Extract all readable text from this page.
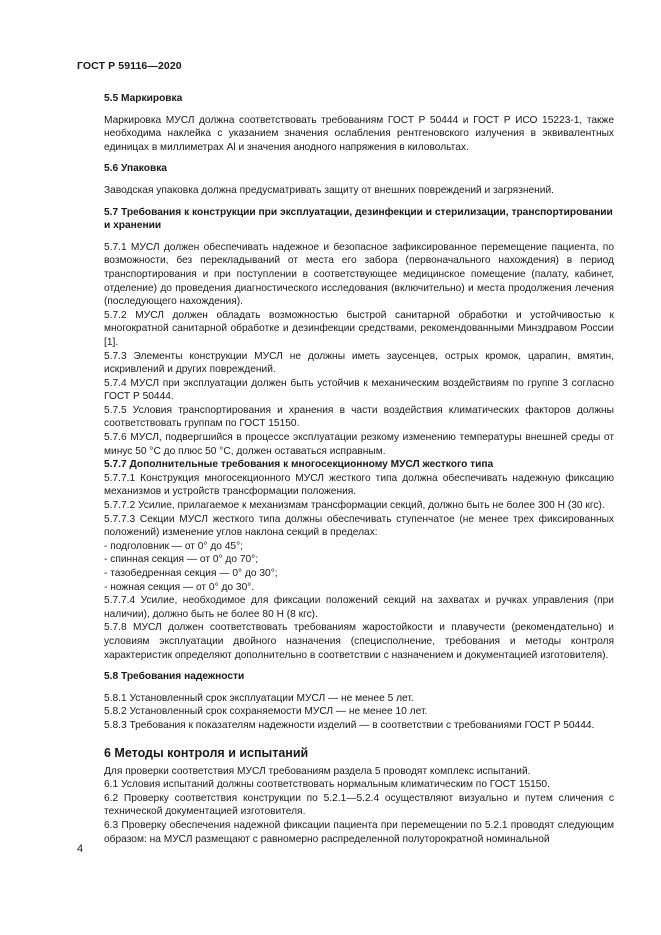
ГОСТ Р 59116—2020

5.5 Маркировка

Маркировка МУСЛ должна соответствовать требованиям ГОСТ Р 50444 и ГОСТ Р ИСО 15223-1, также необходима наклейка с указанием значения ослабления рентгеновского излучения в эквивалентных единицах в миллиметрах Al и значения анодного напряжения в киловольтах.

5.6 Упаковка

Заводская упаковка должна предусматривать защиту от внешних повреждений и загрязнений.

5.7 Требования к конструкции при эксплуатации, дезинфекции и стерилизации, транспортировании и хранении

5.7.1 МУСЛ должен обеспечивать надежное и безопасное зафиксированное перемещение пациента, по возможности, без перекладываний от места его забора (первоначального нахождения) в период транспортирования и при поступлении в соответствующее медицинское помещение (палату, кабинет, отделение) до проведения диагностического исследования (включительно) и места продолжения лечения (последующего нахождения).

5.7.2 МУСЛ должен обладать возможностью быстрой санитарной обработки и устойчивостью к многократной санитарной обработке и дезинфекции средствами, рекомендованными Минздравом России [1].

5.7.3 Элементы конструкции МУСЛ не должны иметь заусенцев, острых кромок, царапин, вмятин, искривлений и других повреждений.

5.7.4 МУСЛ при эксплуатации должен быть устойчив к механическим воздействиям по группе 3 согласно ГОСТ Р 50444.

5.7.5 Условия транспортирования и хранения в части воздействия климатических факторов должны соответствовать группам по ГОСТ 15150.

5.7.6 МУСЛ, подвергшийся в процессе эксплуатации резкому изменению температуры внешней среды от минус 50 °C до плюс 50 °C, должен оставаться исправным.

5.7.7 Дополнительные требования к многосекционному МУСЛ жесткого типа

5.7.7.1 Конструкция многосекционного МУСЛ жесткого типа должна обеспечивать надежную фиксацию механизмов и устройств трансформации положения.

5.7.7.2 Усилие, прилагаемое к механизмам трансформации секций, должно быть не более 300 Н (30 кгс).

5.7.7.3 Секции МУСЛ жесткого типа должны обеспечивать ступенчатое (не менее трех фиксированных положений) изменение углов наклона секций в пределах:

- подголовник — от 0° до 45°;
- спинная секция — от 0° до 70°;
- тазобедренная секция — 0° до 30°;
- ножная секция — от 0° до 30°.

5.7.7.4 Усилие, необходимое для фиксации положений секций на захватах и ручках управления (при наличии), должно быть не более 80 Н (8 кгс).

5.7.8 МУСЛ должен соответствовать требованиям жаростойкости и плавучести (рекомендательно) и условиям эксплуатации двойного назначения (специсполнение, требования и методы контроля характеристик определяют дополнительно в соответствии с назначением и документацией изготовителя).

5.8 Требования надежности

5.8.1 Установленный срок эксплуатации МУСЛ — не менее 5 лет.

5.8.2 Установленный срок сохраняемости МУСЛ — не менее 10 лет.

5.8.3 Требования к показателям надежности изделий — в соответствии с требованиями ГОСТ Р 50444.

6 Методы контроля и испытаний

Для проверки соответствия МУСЛ требованиям раздела 5 проводят комплекс испытаний.

6.1 Условия испытаний должны соответствовать нормальным климатическим по ГОСТ 15150.

6.2 Проверку соответствия конструкции по 5.2.1—5.2.4 осуществляют визуально и путем сличения с технической документацией изготовителя.

6.3 Проверку обеспечения надежной фиксации пациента при перемещении по 5.2.1 проводят следующим образом: на МУСЛ размещают с равномерно распределенной полуторократной номинальной

4
